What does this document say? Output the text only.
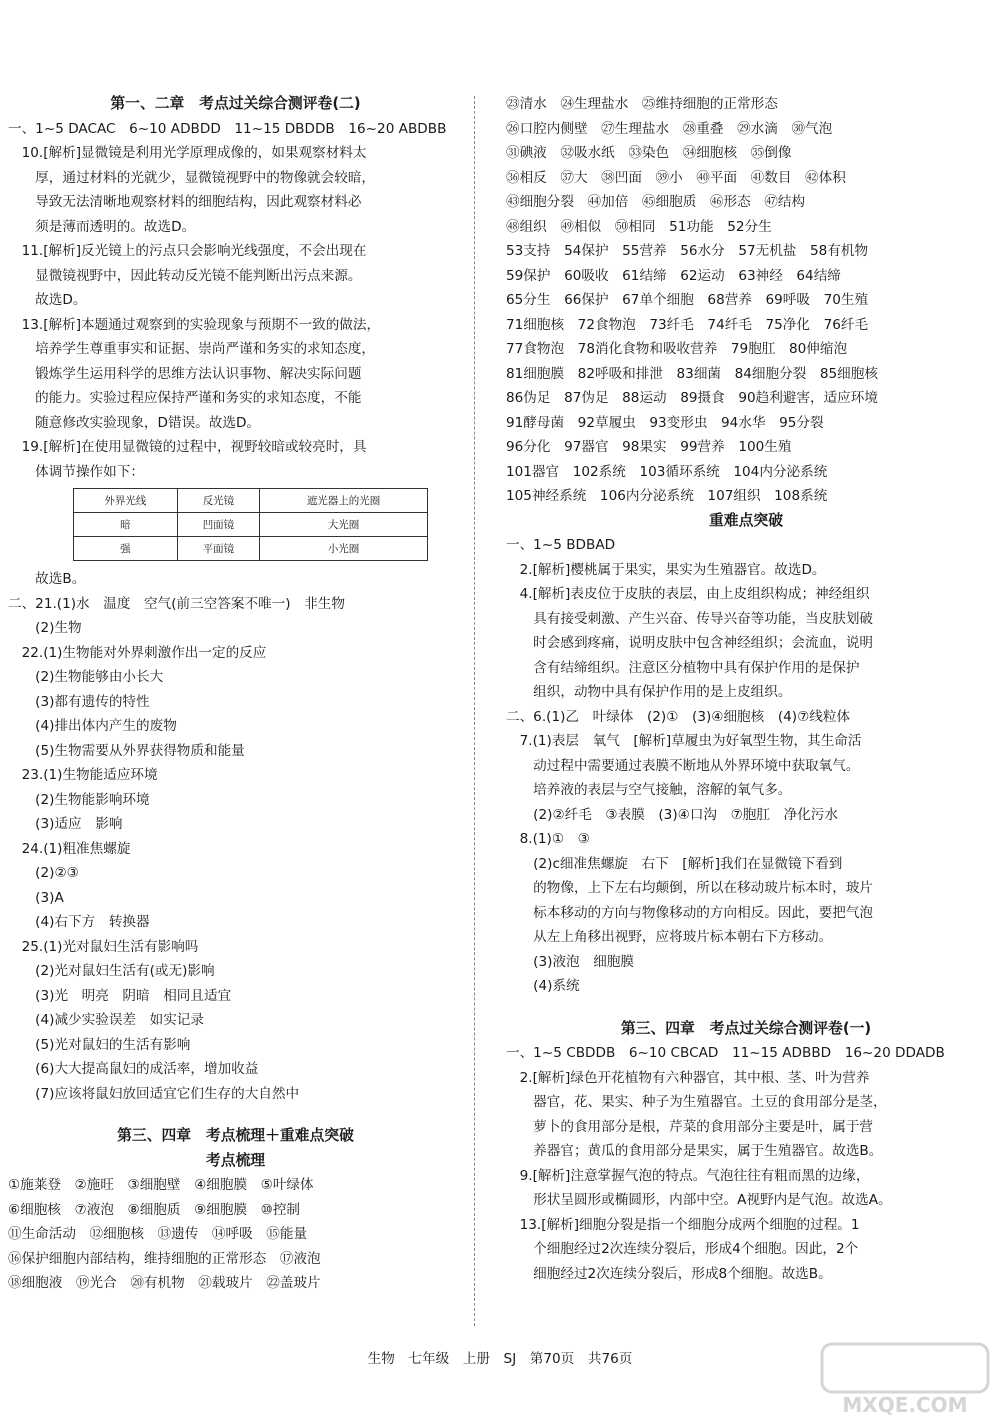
第一、二章　考点过关综合测评卷(二)
一、1~5 DACAC　6~10 ADBDD　11~15 DBDDB　16~20 ABDBB
　10.[解析]显微镜是利用光学原理成像的，如果观察材料太
　　厚，通过材料的光就少，显微镜视野中的物像就会较暗，
　　导致无法清晰地观察材料的细胞结构，因此观察材料必
　　须是薄而透明的。故选D。
　11.[解析]反光镜上的污点只会影响光线强度，不会出现在
　　显微镜视野中，因此转动反光镜不能判断出污点来源。
　　故选D。
　13.[解析]本题通过观察到的实验现象与预期不一致的做法，
　　培养学生尊重事实和证据、崇尚严谨和务实的求知态度，
　　锻炼学生运用科学的思维方法认识事物、解决实际问题
　　的能力。实验过程应保持严谨和务实的求知态度，不能
　　随意修改实验现象，D错误。故选D。
　19.[解析]在使用显微镜的过程中，视野较暗或较亮时，具
　　体调节操作如下：
外界光线	反光镜	遮光器上的光圈
暗	凹面镜	大光圈
强	平面镜	小光圈
　　故选B。
二、21.(1)水　温度　空气(前三空答案不唯一)　非生物
　　(2)生物
　22.(1)生物能对外界刺激作出一定的反应
　　(2)生物能够由小长大
　　(3)都有遗传的特性
　　(4)排出体内产生的废物
　　(5)生物需要从外界获得物质和能量
　23.(1)生物能适应环境
　　(2)生物能影响环境
　　(3)适应　影响
　24.(1)粗准焦螺旋
　　(2)②③
　　(3)A
　　(4)右下方　转换器
　25.(1)光对鼠妇生活有影响吗
　　(2)光对鼠妇生活有(或无)影响
　　(3)光　明亮　阴暗　相同且适宜
　　(4)减少实验误差　如实记录
　　(5)光对鼠妇的生活有影响
　　(6)大大提高鼠妇的成活率，增加收益
　　(7)应该将鼠妇放回适宜它们生存的大自然中
第三、四章　考点梳理＋重难点突破
考点梳理
①施莱登　②施旺　③细胞壁　④细胞膜　⑤叶绿体
⑥细胞核　⑦液泡　⑧细胞质　⑨细胞膜　⑩控制
⑪生命活动　⑫细胞核　⑬遗传　⑭呼吸　⑮能量
⑯保护细胞内部结构，维持细胞的正常形态　⑰液泡
⑱细胞液　⑲光合　⑳有机物　㉑载玻片　㉒盖玻片
㉓清水　㉔生理盐水　㉕维持细胞的正常形态
㉖口腔内侧壁　㉗生理盐水　㉘重叠　㉙水滴　㉚气泡
㉛碘液　㉜吸水纸　㉝染色　㉞细胞核　㉟倒像
㊱相反　㊲大　㊳凹面　㊴小　㊵平面　㊶数目　㊷体积
㊸细胞分裂　㊹加倍　㊺细胞质　㊻形态　㊼结构
㊽组织　㊾相似　㊿相同　51功能　52分生
53支持　54保护　55营养　56水分　57无机盐　58有机物
59保护　60吸收　61结缔　62运动　63神经　64结缔
65分生　66保护　67单个细胞　68营养　69呼吸　70生殖
71细胞核　72食物泡　73纤毛　74纤毛　75净化　76纤毛
77食物泡　78消化食物和吸收营养　79胞肛　80伸缩泡
81细胞膜　82呼吸和排泄　83细菌　84细胞分裂　85细胞核
86伪足　87伪足　88运动　89摄食　90趋利避害，适应环境
91酵母菌　92草履虫　93变形虫　94水华　95分裂
96分化　97器官　98果实　99营养　100生殖
101器官　102系统　103循环系统　104内分泌系统
105神经系统　106内分泌系统　107组织　108系统
重难点突破
一、1~5 BDBAD
　2.[解析]樱桃属于果实，果实为生殖器官。故选D。
　4.[解析]表皮位于皮肤的表层，由上皮组织构成；神经组织
　　具有接受刺激、产生兴奋、传导兴奋等功能，当皮肤划破
　　时会感到疼痛，说明皮肤中包含神经组织；会流血，说明
　　含有结缔组织。注意区分植物中具有保护作用的是保护
　　组织，动物中具有保护作用的是上皮组织。
二、6.(1)乙　叶绿体　(2)①　(3)④细胞核　(4)⑦线粒体
　7.(1)表层　氧气　[解析]草履虫为好氧型生物，其生命活
　　动过程中需要通过表膜不断地从外界环境中获取氧气。
　　培养液的表层与空气接触，溶解的氧气多。
　　(2)②纤毛　③表膜　(3)④口沟　⑦胞肛　净化污水
　8.(1)①　③
　　(2)c细准焦螺旋　右下　[解析]我们在显微镜下看到
　　的物像，上下左右均颠倒，所以在移动玻片标本时，玻片
　　标本移动的方向与物像移动的方向相反。因此，要把气泡
　　从左上角移出视野，应将玻片标本朝右下方移动。
　　(3)液泡　细胞膜
　　(4)系统
第三、四章　考点过关综合测评卷(一)
一、1~5 CBDDB　6~10 CBCAD　11~15 ADBBD　16~20 DDADB
　2.[解析]绿色开花植物有六种器官，其中根、茎、叶为营养
　　器官，花、果实、种子为生殖器官。土豆的食用部分是茎，
　　萝卜的食用部分是根，芹菜的食用部分主要是叶，属于营
　　养器官；黄瓜的食用部分是果实，属于生殖器官。故选B。
　9.[解析]注意掌握气泡的特点。气泡往往有粗而黑的边缘，
　　形状呈圆形或椭圆形，内部中空。A视野内是气泡。故选A。
　13.[解析]细胞分裂是指一个细胞分成两个细胞的过程。1
　　个细胞经过2次连续分裂后，形成4个细胞。因此，2个
　　细胞经过2次连续分裂后，形成8个细胞。故选B。
生物　七年级　上册　SJ　第70页　共76页
MXQE.COM
